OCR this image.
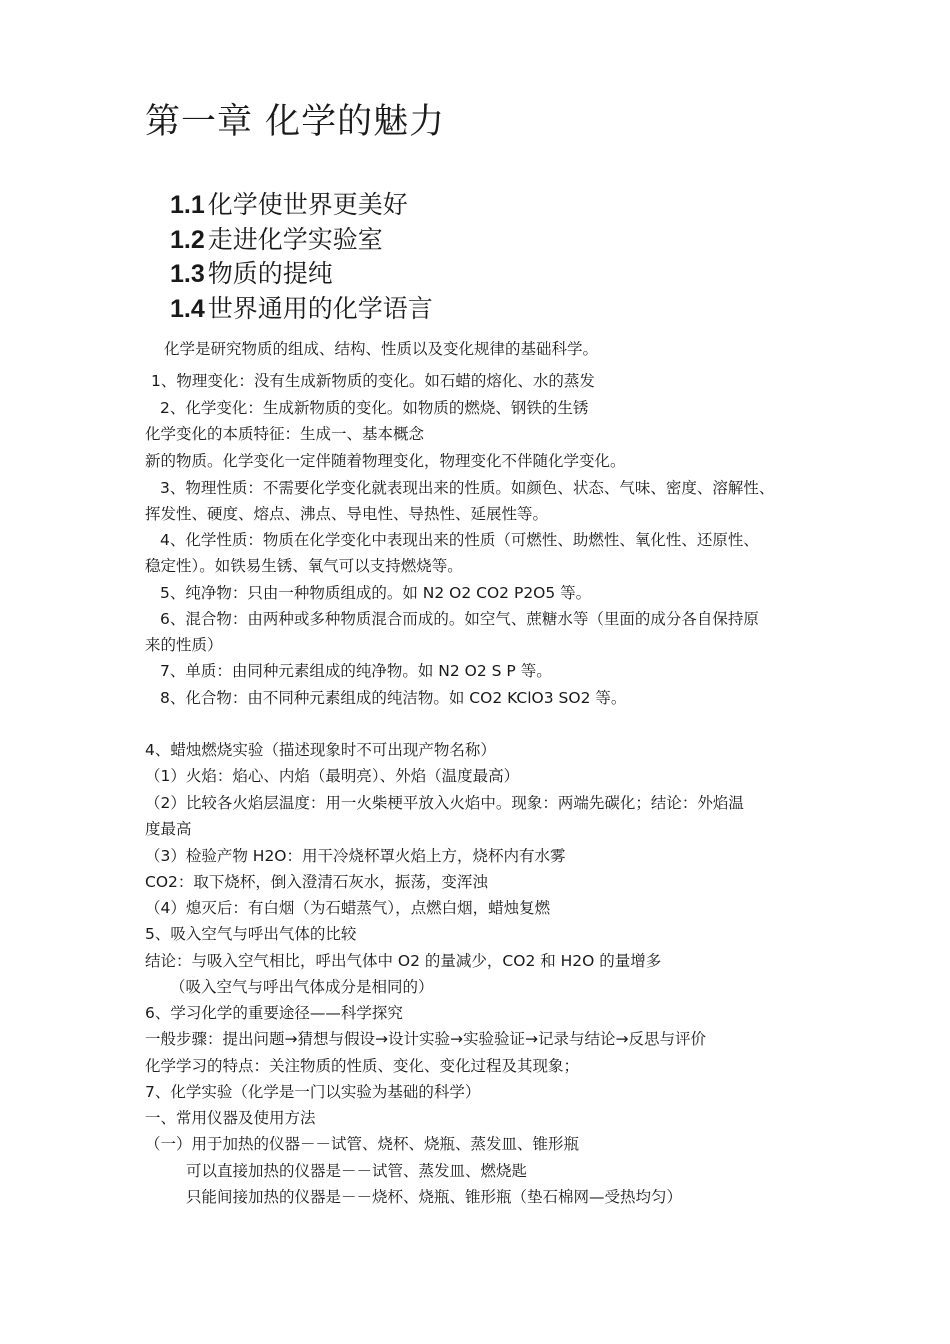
第一章 化学的魅力
1.1 化学使世界更美好
1.2 走进化学实验室
1.3 物质的提纯
1.4 世界通用的化学语言
化学是研究物质的组成、结构、性质以及变化规律的基础科学。
1、物理变化：没有生成新物质的变化。如石蜡的熔化、水的蒸发
2、化学变化：生成新物质的变化。如物质的燃烧、钢铁的生锈
化学变化的本质特征：生成一、基本概念
新的物质。化学变化一定伴随着物理变化，物理变化不伴随化学变化。
3、物理性质：不需要化学变化就表现出来的性质。如颜色、状态、气味、密度、溶解性、
挥发性、硬度、熔点、沸点、导电性、导热性、延展性等。
4、化学性质：物质在化学变化中表现出来的性质（可燃性、助燃性、氧化性、还原性、
稳定性）。如铁易生锈、氧气可以支持燃烧等。
5、纯净物：只由一种物质组成的。如 N2 O2 CO2 P2O5 等。
6、混合物：由两种或多种物质混合而成的。如空气、蔗糖水等（里面的成分各自保持原
来的性质）
7、单质：由同种元素组成的纯净物。如 N2 O2 S P 等。
8、化合物：由不同种元素组成的纯洁物。如 CO2 KClO3 SO2 等。
4、蜡烛燃烧实验（描述现象时不可出现产物名称）
（1）火焰：焰心、内焰（最明亮）、外焰（温度最高）
（2）比较各火焰层温度：用一火柴梗平放入火焰中。现象：两端先碳化；结论：外焰温
度最高
（3）检验产物 H2O：用干冷烧杯罩火焰上方，烧杯内有水雾
CO2：取下烧杯，倒入澄清石灰水，振荡，变浑浊
（4）熄灭后：有白烟（为石蜡蒸气），点燃白烟，蜡烛复燃
5、吸入空气与呼出气体的比较
结论：与吸入空气相比，呼出气体中 O2 的量减少，CO2 和 H2O 的量增多
（吸入空气与呼出气体成分是相同的）
6、学习化学的重要途径——科学探究
一般步骤：提出问题→猜想与假设→设计实验→实验验证→记录与结论→反思与评价
化学学习的特点：关注物质的性质、变化、变化过程及其现象；
7、化学实验（化学是一门以实验为基础的科学）
一、常用仪器及使用方法
（一）用于加热的仪器－－试管、烧杯、烧瓶、蒸发皿、锥形瓶
可以直接加热的仪器是－－试管、蒸发皿、燃烧匙
只能间接加热的仪器是－－烧杯、烧瓶、锥形瓶（垫石棉网—受热均匀）
